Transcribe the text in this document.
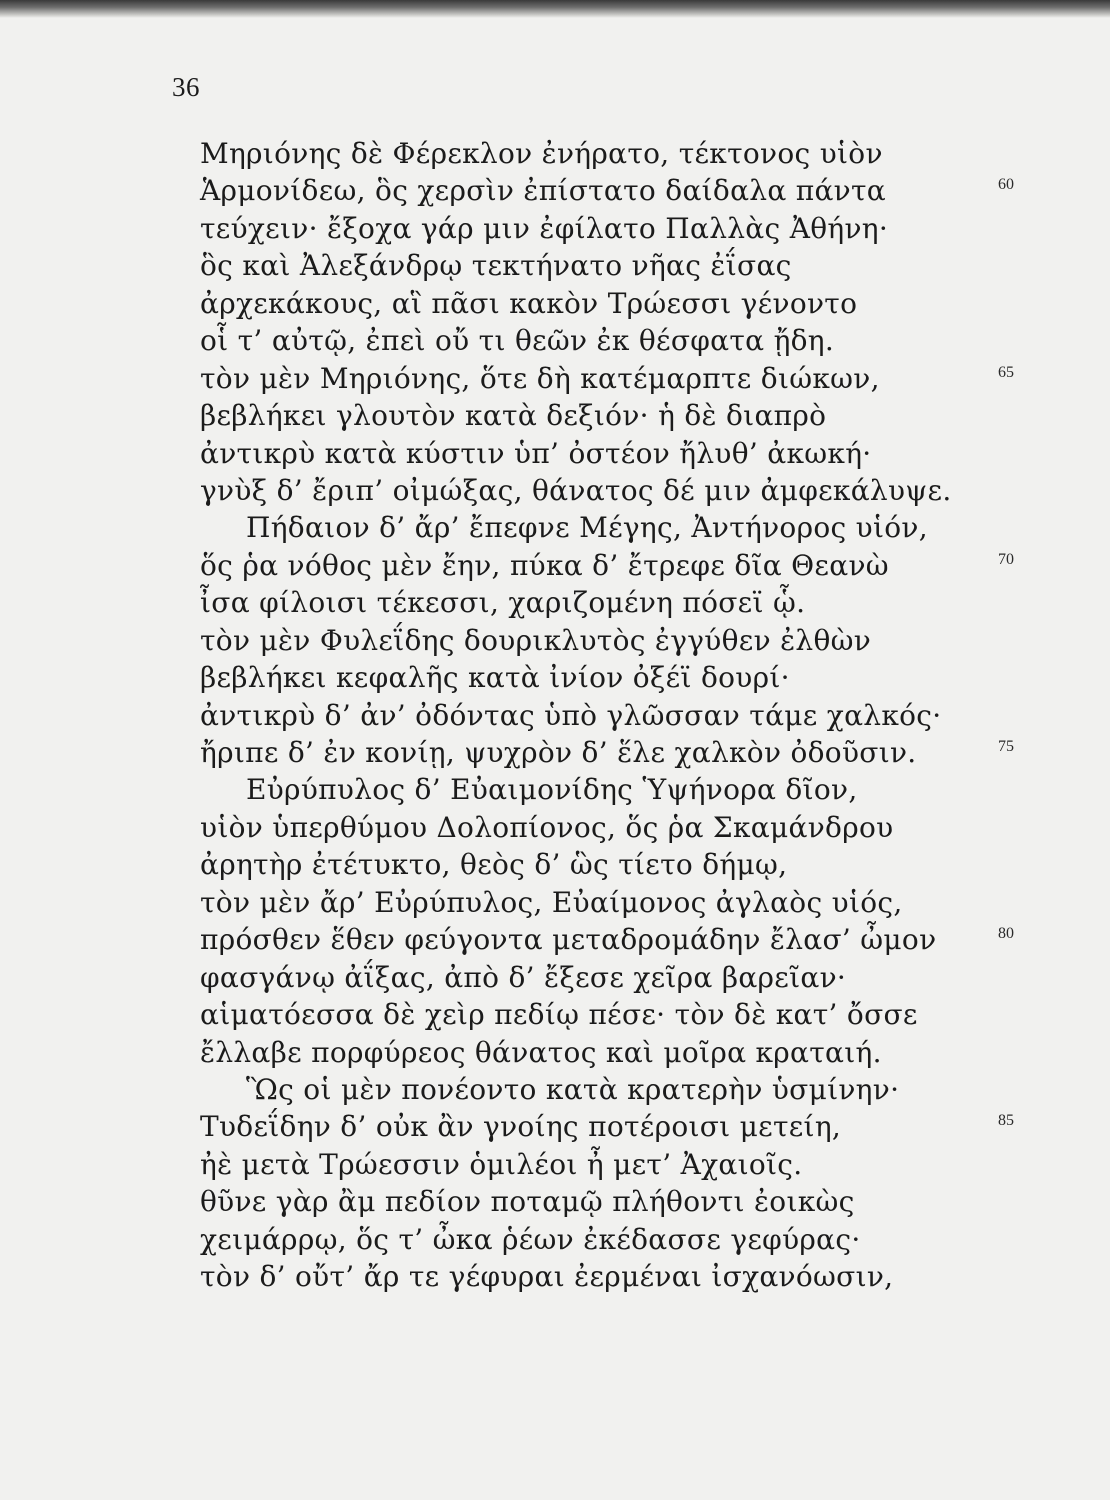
36
Μηριόνης δὲ Φέρεκλον ἐνήρατο, τέκτονος υἱὸν
Ἁρμονίδεω, ὃς χερσὶν ἐπίστατο δαίδαλα πάντα	60
τεύχειν· ἔξοχα γάρ μιν ἐφίλατο Παλλὰς Ἀθήνη·
ὃς καὶ Ἀλεξάνδρῳ τεκτήνατο νῆας ἐΐσας
ἀρχεκάκους, αἳ πᾶσι κακὸν Τρώεσσι γένοντο
οἷ τ’ αὐτῷ, ἐπεὶ οὔ τι θεῶν ἐκ θέσφατα ᾔδη.
τὸν μὲν Μηριόνης, ὅτε δὴ κατέμαρπτε διώκων,	65
βεβλήκει γλουτὸν κατὰ δεξιόν· ἡ δὲ διαπρὸ
ἀντικρὺ κατὰ κύστιν ὑπ’ ὀστέον ἤλυθ’ ἀκωκή·
γνὺξ δ’ ἔριπ’ οἰμώξας, θάνατος δέ μιν ἀμφεκάλυψε.
Πήδαιον δ’ ἄρ’ ἔπεφνε Μέγης, Ἀντήνορος υἱόν,
ὅς ῥα νόθος μὲν ἔην, πύκα δ’ ἔτρεφε δῖα Θεανὼ	70
ἶσα φίλοισι τέκεσσι, χαριζομένη πόσεϊ ᾧ.
τὸν μὲν Φυλεΐδης δουρικλυτὸς ἐγγύθεν ἐλθὼν
βεβλήκει κεφαλῆς κατὰ ἰνίον ὀξέϊ δουρί·
ἀντικρὺ δ’ ἀν’ ὀδόντας ὑπὸ γλῶσσαν τάμε χαλκός·
ἤριπε δ’ ἐν κονίῃ, ψυχρὸν δ’ ἕλε χαλκὸν ὀδοῦσιν.	75
Εὐρύπυλος δ’ Εὐαιμονίδης Ὑψήνορα δῖον,
υἱὸν ὑπερθύμου Δολοπίονος, ὅς ῥα Σκαμάνδρου
ἀρητὴρ ἐτέτυκτο, θεὸς δ’ ὣς τίετο δήμῳ,
τὸν μὲν ἄρ’ Εὐρύπυλος, Εὐαίμονος ἀγλαὸς υἱός,
πρόσθεν ἕθεν φεύγοντα μεταδρομάδην ἔλασ’ ὦμον	80
φασγάνῳ ἀΐξας, ἀπὸ δ’ ἔξεσε χεῖρα βαρεῖαν·
αἱματόεσσα δὲ χεὶρ πεδίῳ πέσε· τὸν δὲ κατ’ ὄσσε
ἔλλαβε πορφύρεος θάνατος καὶ μοῖρα κραταιή.
Ὣς οἱ μὲν πονέοντο κατὰ κρατερὴν ὑσμίνην·
Τυδεΐδην δ’ οὐκ ἂν γνοίης ποτέροισι μετείη,	85
ἠὲ μετὰ Τρώεσσιν ὁμιλέοι ἦ μετ’ Ἀχαιοῖς.
θῦνε γὰρ ἂμ πεδίον ποταμῷ πλήθοντι ἐοικὼς
χειμάρρῳ, ὅς τ’ ὦκα ῥέων ἐκέδασσε γεφύρας·
τὸν δ’ οὔτ’ ἄρ τε γέφυραι ἐερμέναι ἰσχανόωσιν,
